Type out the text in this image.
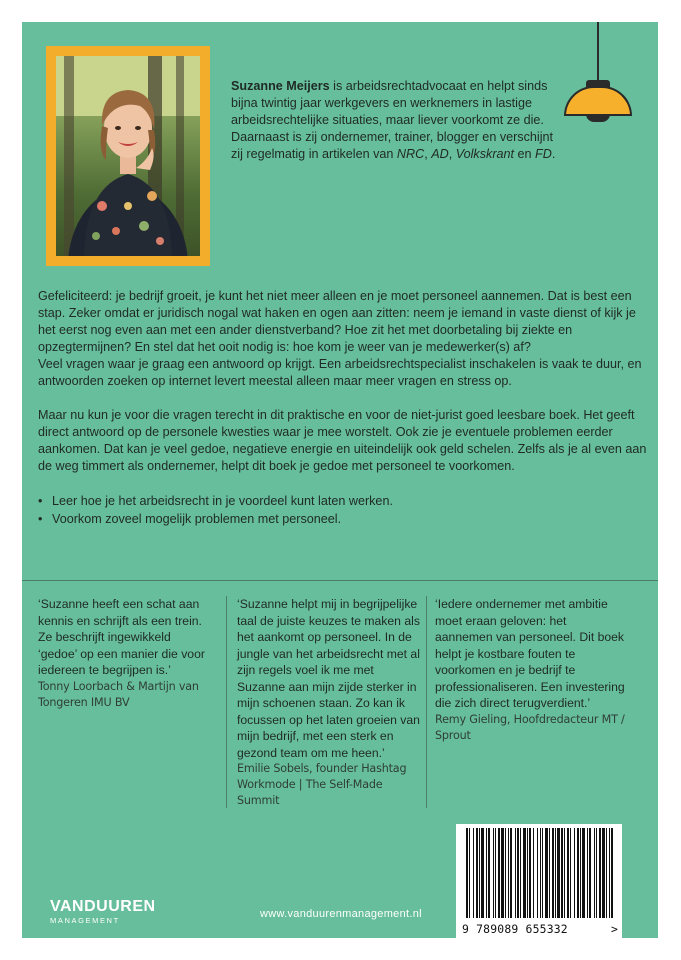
Suzanne Meijers is arbeidsrechtadvocaat en helpt sinds bijna twintig jaar werkgevers en werknemers in lastige arbeidsrechtelijke situaties, maar liever voorkomt ze die. Daarnaast is zij ondernemer, trainer, blogger en verschijnt zij regelmatig in artikelen van NRC, AD, Volkskrant en FD.

Gefeliciteerd: je bedrijf groeit, je kunt het niet meer alleen en je moet personeel aannemen. Dat is best een stap. Zeker omdat er juridisch nogal wat haken en ogen aan zitten: neem je iemand in vaste dienst of kijk je het eerst nog even aan met een ander dienstverband? Hoe zit het met doorbetaling bij ziekte en opzegtermijnen? En stel dat het ooit nodig is: hoe kom je weer van je medewerker(s) af?
Veel vragen waar je graag een antwoord op krijgt. Een arbeidsrechtspecialist inschakelen is vaak te duur, en antwoorden zoeken op internet levert meestal alleen maar meer vragen en stress op.

Maar nu kun je voor die vragen terecht in dit praktische en voor de niet-jurist goed leesbare boek. Het geeft direct antwoord op de personele kwesties waar je mee worstelt. Ook zie je eventuele problemen eerder aankomen. Dat kan je veel gedoe, negatieve energie en uiteindelijk ook geld schelen. Zelfs als je al even aan de weg timmert als ondernemer, helpt dit boek je gedoe met personeel te voorkomen.

• Leer hoe je het arbeidsrecht in je voordeel kunt laten werken.
• Voorkom zoveel mogelijk problemen met personeel.
‘Suzanne heeft een schat aan kennis en schrijft als een trein. Ze beschrijft ingewikkeld ‘gedoe’ op een manier die voor iedereen te begrijpen is.’
Tonny Loorbach & Martijn van Tongeren IMU BV
‘Suzanne helpt mij in begrijpelijke taal de juiste keuzes te maken als het aankomt op personeel. In de jungle van het arbeidsrecht met al zijn regels voel ik me met Suzanne aan mijn zijde sterker in mijn schoenen staan. Zo kan ik focussen op het laten groeien van mijn bedrijf, met een sterk en gezond team om me heen.’
Emilie Sobels, founder Hashtag Workmode | The Self-Made Summit
‘Iedere ondernemer met ambitie moet eraan geloven: het aannemen van personeel. Dit boek helpt je kostbare fouten te voorkomen en je bedrijf te professionaliseren. Een investering die zich direct terugverdient.’
Remy Gieling, Hoofdredacteur MT / Sprout
9 789089 655332	>
VANDUUREN
MANAGEMENT
www.vanduurenmanagement.nl
